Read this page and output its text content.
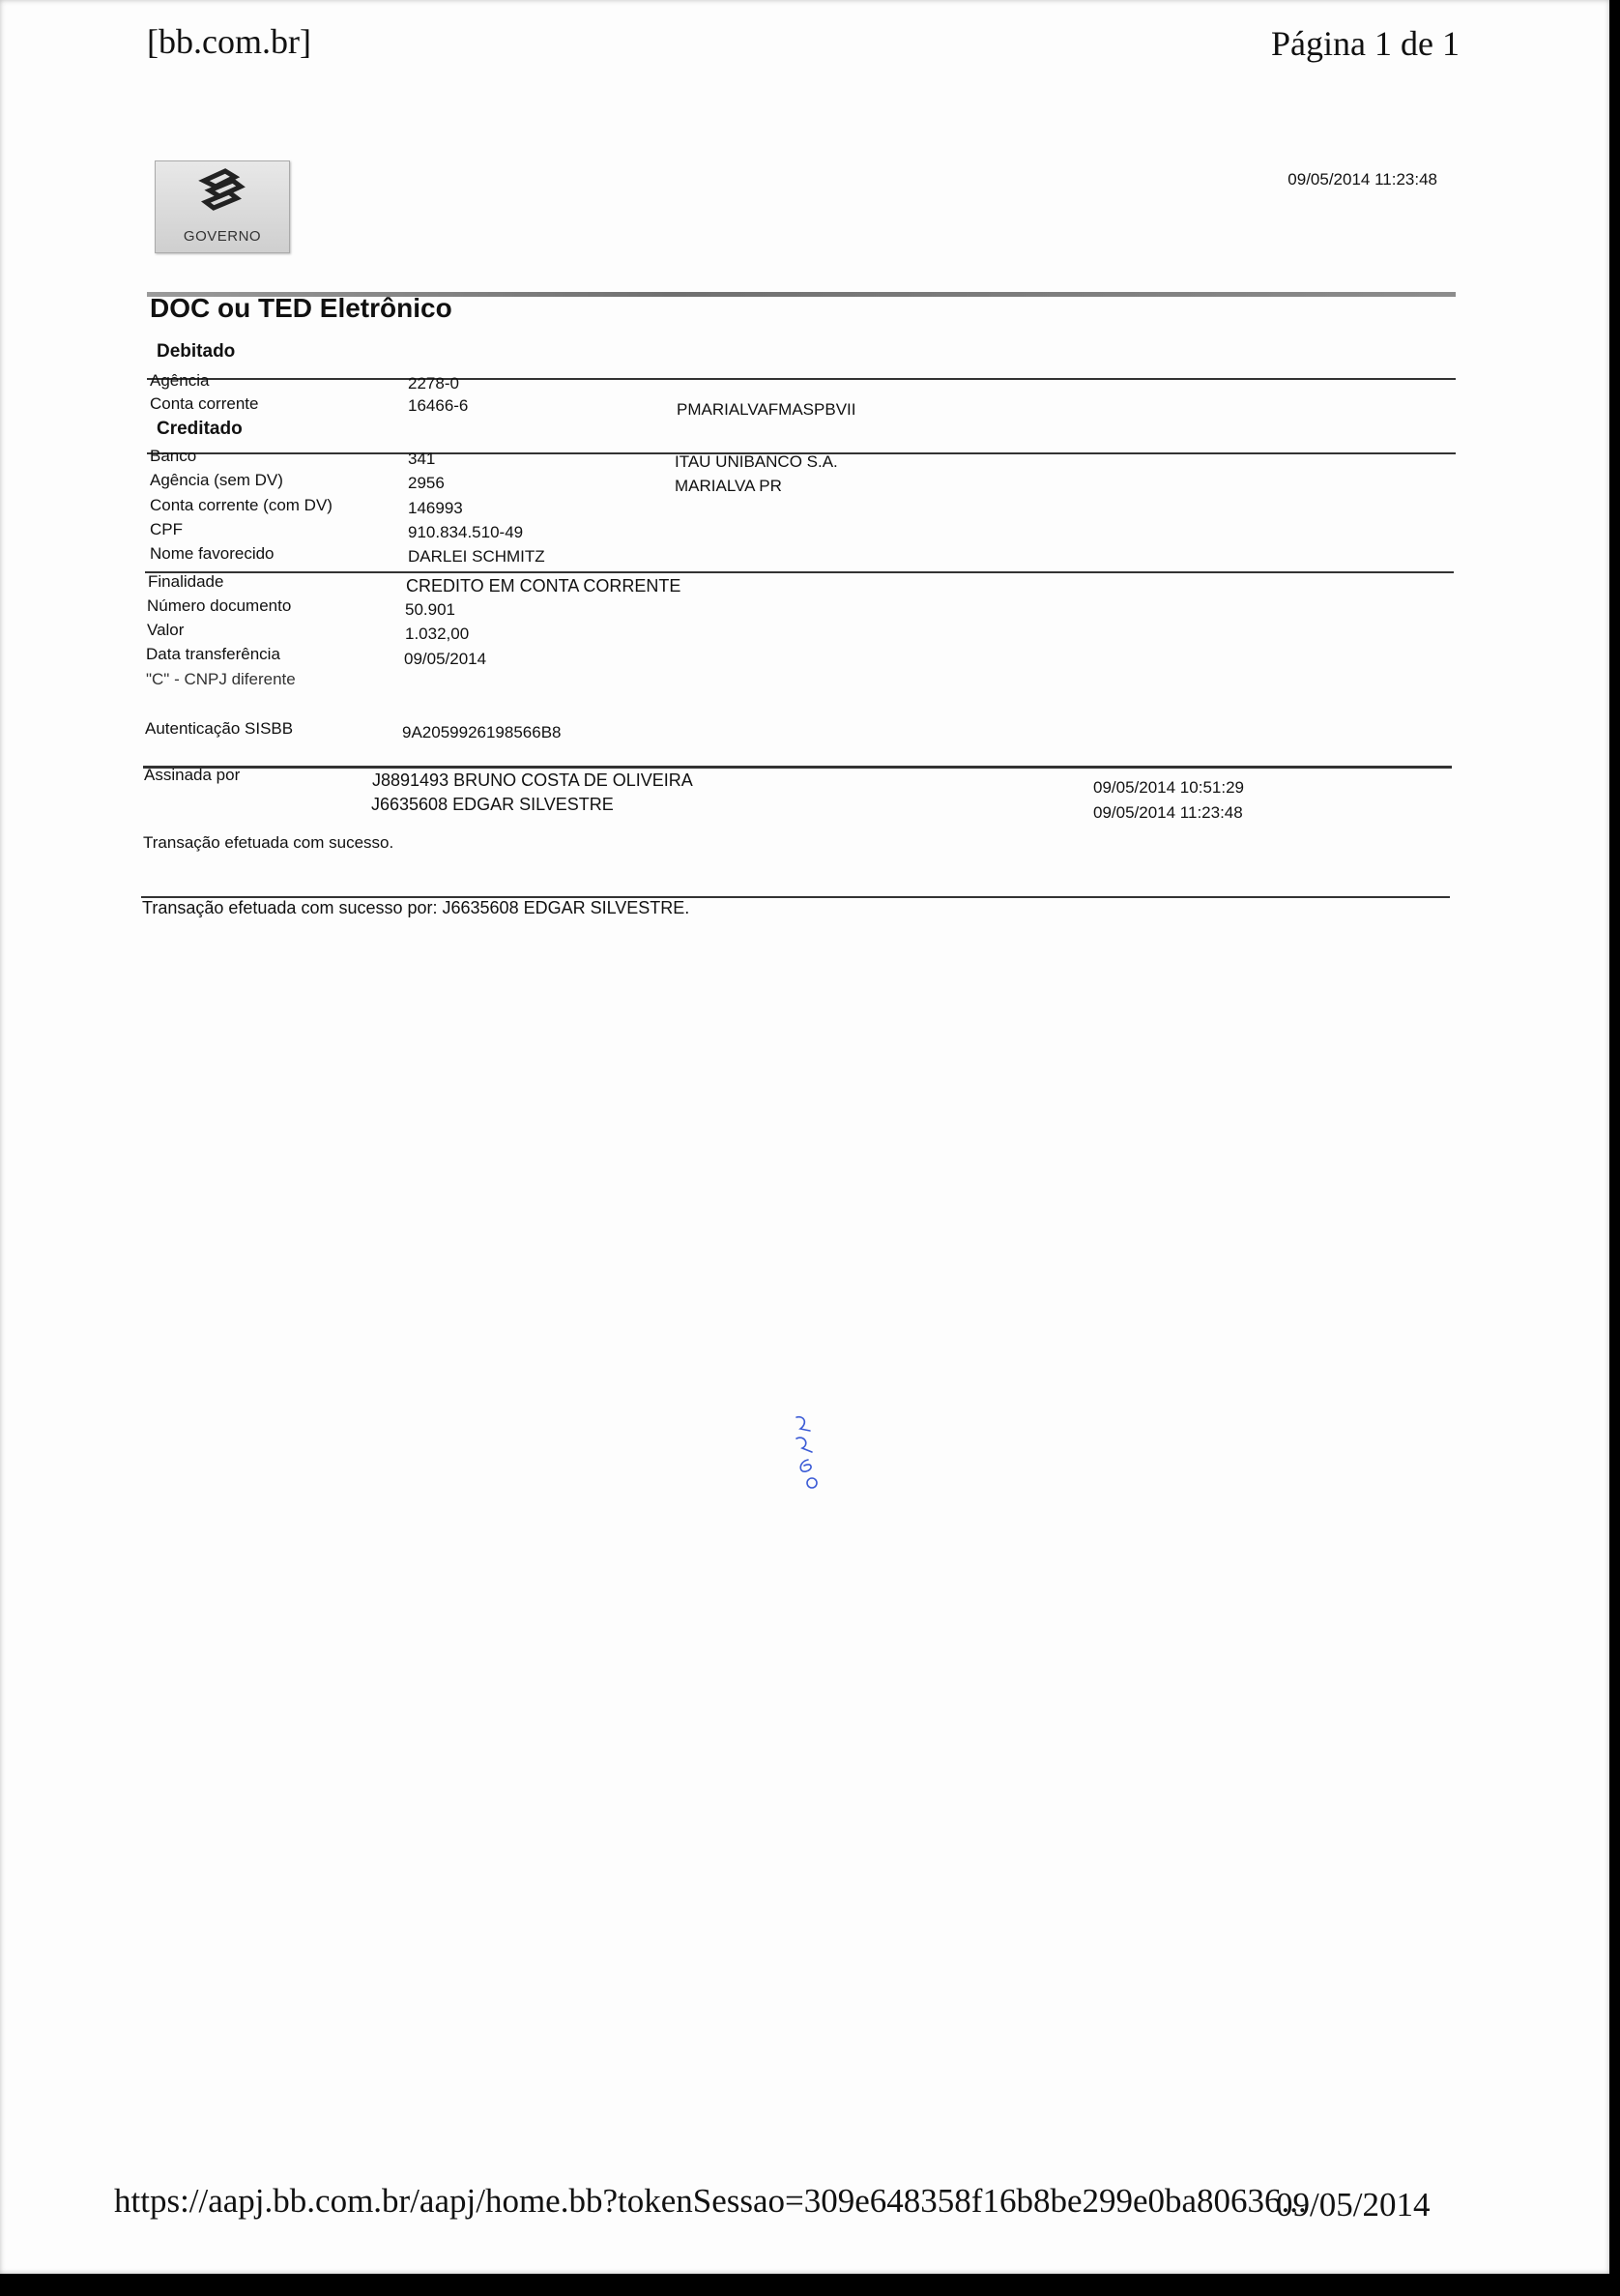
[bb.com.br]	Página 1 de 1
GOVERNO
09/05/2014 11:23:48
DOC ou TED Eletrônico
Debitado
Agência	2278-0
Conta corrente	16466-6	PMARIALVAFMASPBVII
Creditado
Banco	341	ITAU UNIBANCO S.A.
Agência (sem DV)	2956	MARIALVA PR
Conta corrente (com DV)	146993
CPF	910.834.510-49
Nome favorecido	DARLEI SCHMITZ
Finalidade	CREDITO EM CONTA CORRENTE
Número documento	50.901
Valor	1.032,00
Data transferência	09/05/2014
"C" - CNPJ diferente
Autenticação SISBB	9A2059926198566B8
Assinada por	J8891493 BRUNO COSTA DE OLIVEIRA	09/05/2014 10:51:29
J6635608 EDGAR SILVESTRE	09/05/2014 11:23:48
Transação efetuada com sucesso.
Transação efetuada com sucesso por: J6635608 EDGAR SILVESTRE.
https://aapj.bb.com.br/aapj/home.bb?tokenSessao=309e648358f16b8be299e0ba80636...
09/05/2014
